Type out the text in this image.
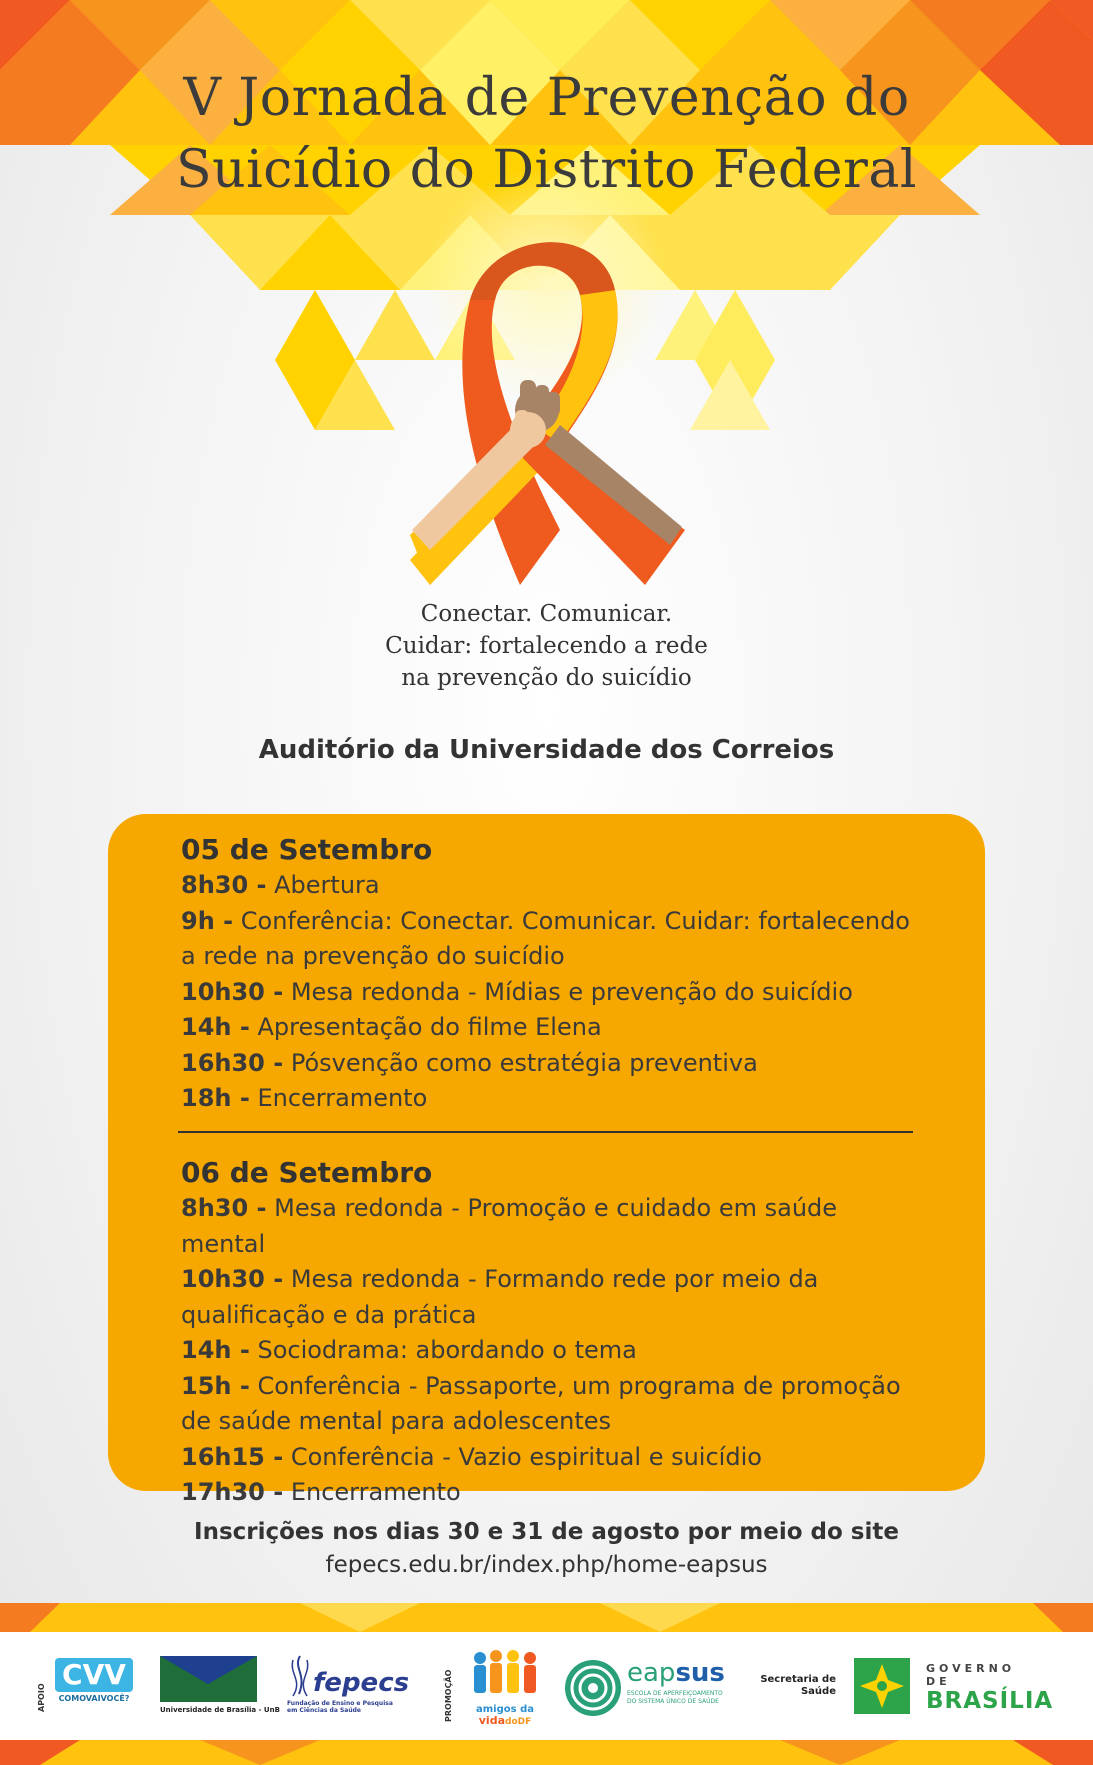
V Jornada de Prevenção do
Suicídio do Distrito Federal
Conectar. Comunicar.
Cuidar: fortalecendo a rede
na prevenção do suicídio
Auditório da Universidade dos Correios
05 de Setembro
8h30 - Abertura
9h - Conferência: Conectar. Comunicar. Cuidar: fortalecendo a rede na prevenção do suicídio
10h30 - Mesa redonda - Mídias e prevenção do suicídio
14h - Apresentação do filme Elena
16h30 - Pósvenção como estratégia preventiva
18h - Encerramento
06 de Setembro
8h30 - Mesa redonda - Promoção e cuidado em saúde mental
10h30 - Mesa redonda - Formando rede por meio da qualificação e da prática
14h - Sociodrama: abordando o tema
15h - Conferência - Passaporte, um programa de promoção de saúde mental para adolescentes
16h15 - Conferência - Vazio espiritual e suicídio
17h30 - Encerramento
Inscrições nos dias 30 e 31 de agosto por meio do site
fepecs.edu.br/index.php/home-eapsus
APOIO
CVV
COMOVAIVOCÊ?
Universidade de Brasília - UnB
fepecs
Fundação de Ensino e Pesquisa em Ciências da Saúde	PROMOÇÃO	amigos da
vidadoDF
eapsus
ESCOLA DE APERFEIÇOAMENTO
DO SISTEMA ÚNICO DE SAÚDE
Secretaria de
Saúde
GOVERNO DE
BRASÍLIA
